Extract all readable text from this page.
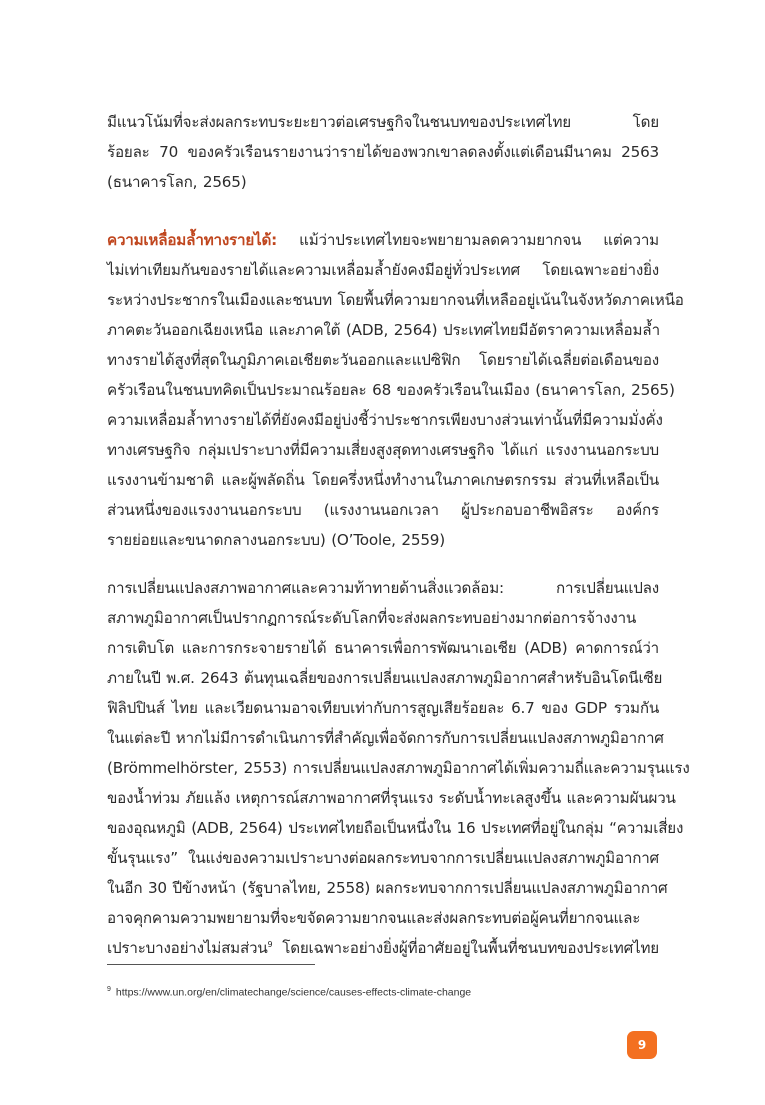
มีแนวโน้มที่จะส่งผลกระทบระยะยาวต่อเศรษฐกิจในชนบทของประเทศไทย โดย
ร้อยละ 70 ของครัวเรือนรายงานว่ารายได้ของพวกเขาลดลงตั้งแต่เดือนมีนาคม 2563
(ธนาคารโลก, 2565)
ความเหลื่อมล้ำทางรายได้: แม้ว่าประเทศไทยจะพยายามลดความยากจน แต่ความ
ไม่เท่าเทียมกันของรายได้และความเหลื่อมล้ำยังคงมีอยู่ทั่วประเทศ โดยเฉพาะอย่างยิ่ง
ระหว่างประชากรในเมืองและชนบท โดยพื้นที่ความยากจนที่เหลืออยู่เน้นในจังหวัดภาคเหนือ
ภาคตะวันออกเฉียงเหนือ และภาคใต้ (ADB, 2564) ประเทศไทยมีอัตราความเหลื่อมล้ำ
ทางรายได้สูงที่สุดในภูมิภาคเอเชียตะวันออกและแปซิฟิก โดยรายได้เฉลี่ยต่อเดือนของ
ครัวเรือนในชนบทคิดเป็นประมาณร้อยละ 68 ของครัวเรือนในเมือง (ธนาคารโลก, 2565)
ความเหลื่อมล้ำทางรายได้ที่ยังคงมีอยู่บ่งชี้ว่าประชากรเพียงบางส่วนเท่านั้นที่มีความมั่งคั่ง
ทางเศรษฐกิจ กลุ่มเปราะบางที่มีความเสี่ยงสูงสุดทางเศรษฐกิจ ได้แก่ แรงงานนอกระบบ
แรงงานข้ามชาติ และผู้พลัดถิ่น โดยครึ่งหนึ่งทำงานในภาคเกษตรกรรม ส่วนที่เหลือเป็น
ส่วนหนึ่งของแรงงานนอกระบบ (แรงงานนอกเวลา ผู้ประกอบอาชีพอิสระ องค์กร
รายย่อยและขนาดกลางนอกระบบ) (O’Toole, 2559)
การเปลี่ยนแปลงสภาพอากาศและความท้าทายด้านสิ่งแวดล้อม: การเปลี่ยนแปลง
สภาพภูมิอากาศเป็นปรากฏการณ์ระดับโลกที่จะส่งผลกระทบอย่างมากต่อการจ้างงาน
การเติบโต และการกระจายรายได้ ธนาคารเพื่อการพัฒนาเอเชีย (ADB) คาดการณ์ว่า
ภายในปี พ.ศ. 2643 ต้นทุนเฉลี่ยของการเปลี่ยนแปลงสภาพภูมิอากาศสำหรับอินโดนีเซีย
ฟิลิปปินส์ ไทย และเวียดนามอาจเทียบเท่ากับการสูญเสียร้อยละ 6.7 ของ GDP รวมกัน
ในแต่ละปี หากไม่มีการดำเนินการที่สำคัญเพื่อจัดการกับการเปลี่ยนแปลงสภาพภูมิอากาศ
(Brömmelhörster, 2553) การเปลี่ยนแปลงสภาพภูมิอากาศได้เพิ่มความถี่และความรุนแรง
ของน้ำท่วม ภัยแล้ง เหตุการณ์สภาพอากาศที่รุนแรง ระดับน้ำทะเลสูงขึ้น และความผันผวน
ของอุณหภูมิ (ADB, 2564) ประเทศไทยถือเป็นหนึ่งใน 16 ประเทศที่อยู่ในกลุ่ม “ความเสี่ยง
ขั้นรุนแรง” ในแง่ของความเปราะบางต่อผลกระทบจากการเปลี่ยนแปลงสภาพภูมิอากาศ
ในอีก 30 ปีข้างหน้า (รัฐบาลไทย, 2558) ผลกระทบจากการเปลี่ยนแปลงสภาพภูมิอากาศ
อาจคุกคามความพยายามที่จะขจัดความยากจนและส่งผลกระทบต่อผู้คนที่ยากจนและ
เปราะบางอย่างไม่สมส่วน$^9$ โดยเฉพาะอย่างยิ่งผู้ที่อาศัยอยู่ในพื้นที่ชนบทของประเทศไทย
$^9$ https://www.un.org/en/climatechange/science/causes-effects-climate-change
9
